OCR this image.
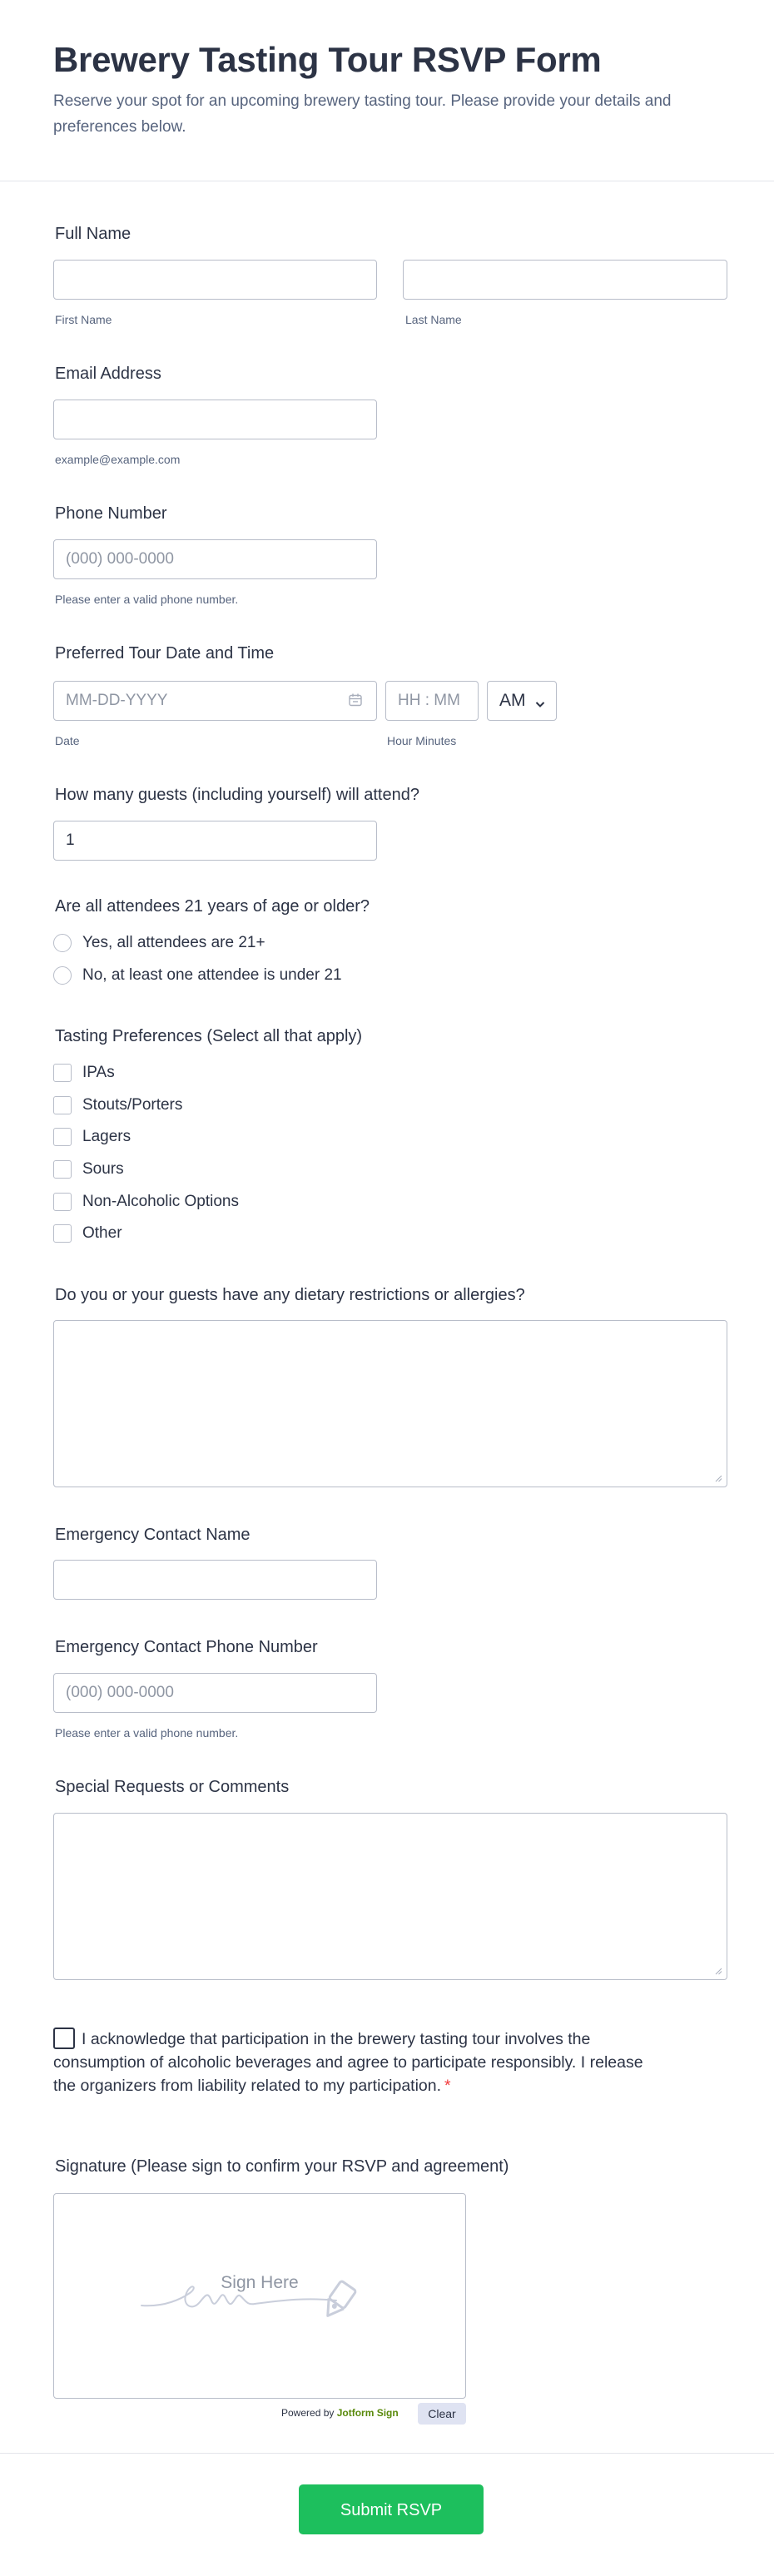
Brewery Tasting Tour RSVP Form

Reserve your spot for an upcoming brewery tasting tour. Please provide your details and preferences below.

Full Name
First Name	Last Name
Email Address
example@example.com
Phone Number
(000) 000-0000
Please enter a valid phone number.
Preferred Tour Date and Time
MM-DD-YYYY
HH : MM
AM
Date	Hour Minutes
How many guests (including yourself) will attend?
1
Are all attendees 21 years of age or older?
Yes, all attendees are 21+
No, at least one attendee is under 21
Tasting Preferences (Select all that apply)
IPAs
Stouts/Porters
Lagers
Sours
Non-Alcoholic Options
Other
Do you or your guests have any dietary restrictions or allergies?
Emergency Contact Name
Emergency Contact Phone Number
(000) 000-0000
Please enter a valid phone number.
Special Requests or Comments
I acknowledge that participation in the brewery tasting tour involves the consumption of alcoholic beverages and agree to participate responsibly. I release the organizers from liability related to my participation. *
Signature (Please sign to confirm your RSVP and agreement)
Sign Here
Powered by Jotform Sign	Clear
Submit RSVP
